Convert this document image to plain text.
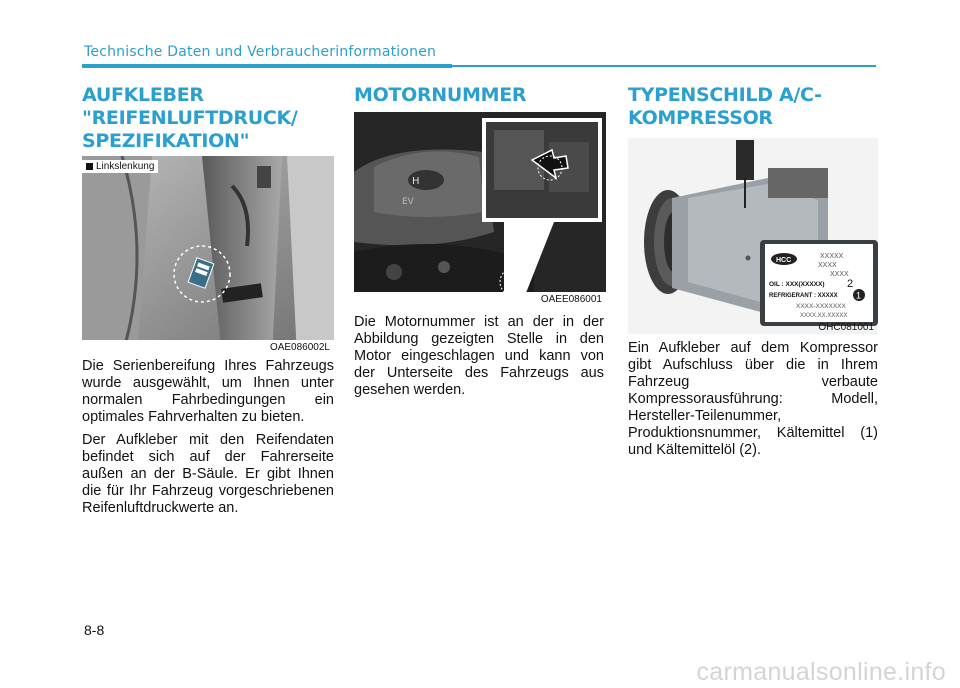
Technische Daten und Verbraucherinformationen
AUFKLEBER
"REIFENLUFTDRUCK/
SPEZIFIKATION"
Linkslenkung
OAE086002L

Die Serienbereifung Ihres Fahrzeugs wurde ausgewählt, um Ihnen unter normalen Fahrbedingungen ein optimales Fahrverhalten zu bieten.

Der Aufkleber mit den Reifendaten befindet sich auf der Fahrerseite außen an der B-Säule. Er gibt Ihnen die für Ihr Fahrzeug vorgeschriebenen Reifenluftdruckwerte an.

MOTORNUMMER
H
EV
OAEE086001

Die Motornummer ist an der in der Abbildung gezeigten Stelle in den Motor eingeschlagen und kann von der Unterseite des Fahrzeugs aus gesehen werden.

TYPENSCHILD A/C-
KOMPRESSOR
HCC
XXXXX
XXXX
XXXX
OIL : XXX(XXXXX) 2
REFRIGERANT : XXXXX 1
XXXX-XXXXXXX
XXXX.XX.XXXXX
OHC081001

Ein Aufkleber auf dem Kompressor gibt Aufschluss über die in Ihrem Fahrzeug verbaute Kompressorausführung: Modell, Hersteller-Teilenummer, Produktionsnummer, Kältemittel (1) und Kältemittelöl (2).

8-8
carmanualsonline.info
